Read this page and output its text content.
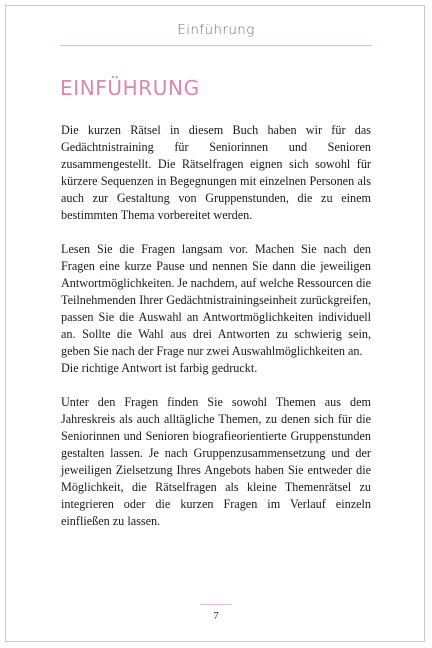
Einführung
EINFÜHRUNG

Die kurzen Rätsel in diesem Buch haben wir für das Gedächtnistraining für Seniorinnen und Senioren zusammengestellt. Die Rätselfragen eignen sich sowohl für kürzere Sequenzen in Begegnungen mit einzelnen Personen als auch zur Gestaltung von Gruppenstunden, die zu einem bestimmten Thema vorbereitet werden.

Lesen Sie die Fragen langsam vor. Machen Sie nach den Fragen eine kurze Pause und nennen Sie dann die jeweiligen Antwortmöglichkeiten. Je nachdem, auf welche Ressourcen die Teilnehmenden Ihrer Gedächtnistrainingseinheit zurückgreifen, passen Sie die Auswahl an Antwortmöglichkeiten individuell an. Sollte die Wahl aus drei Antworten zu schwierig sein, geben Sie nach der Frage nur zwei Auswahlmöglichkeiten an.

Die richtige Antwort ist farbig gedruckt.

Unter den Fragen finden Sie sowohl Themen aus dem Jahreskreis als auch alltägliche Themen, zu denen sich für die Seniorinnen und Senioren biografieorientierte Gruppenstunden gestalten lassen. Je nach Gruppenzusammensetzung und der jeweiligen Zielsetzung Ihres Angebots haben Sie entweder die Möglichkeit, die Rätselfragen als kleine Themenrätsel zu integrieren oder die kurzen Fragen im Verlauf einzeln einfließen zu lassen.

7
